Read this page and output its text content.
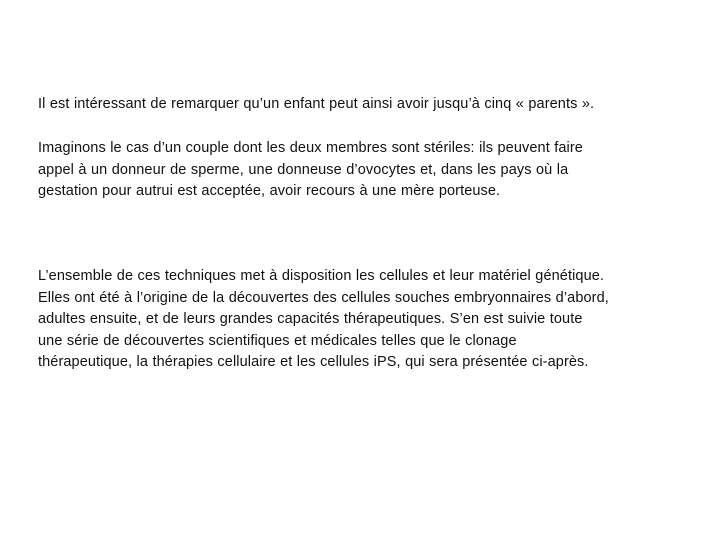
Il est intéressant de remarquer qu’un enfant peut ainsi avoir jusqu’à cinq « parents ».

Imaginons le cas d’un couple dont les deux membres sont stériles: ils peuvent faire
appel à un donneur de sperme, une donneuse d’ovocytes et, dans les pays où la
gestation pour autrui est acceptée, avoir recours à une mère porteuse.

L’ensemble de ces techniques met à disposition les cellules et leur matériel génétique.
Elles ont été à l’origine de la découvertes des cellules souches embryonnaires d’abord,
adultes ensuite, et de leurs grandes capacités thérapeutiques. S’en est suivie toute
une série de découvertes scientifiques et médicales telles que le clonage
thérapeutique, la thérapies cellulaire et les cellules iPS, qui sera présentée ci-après.
